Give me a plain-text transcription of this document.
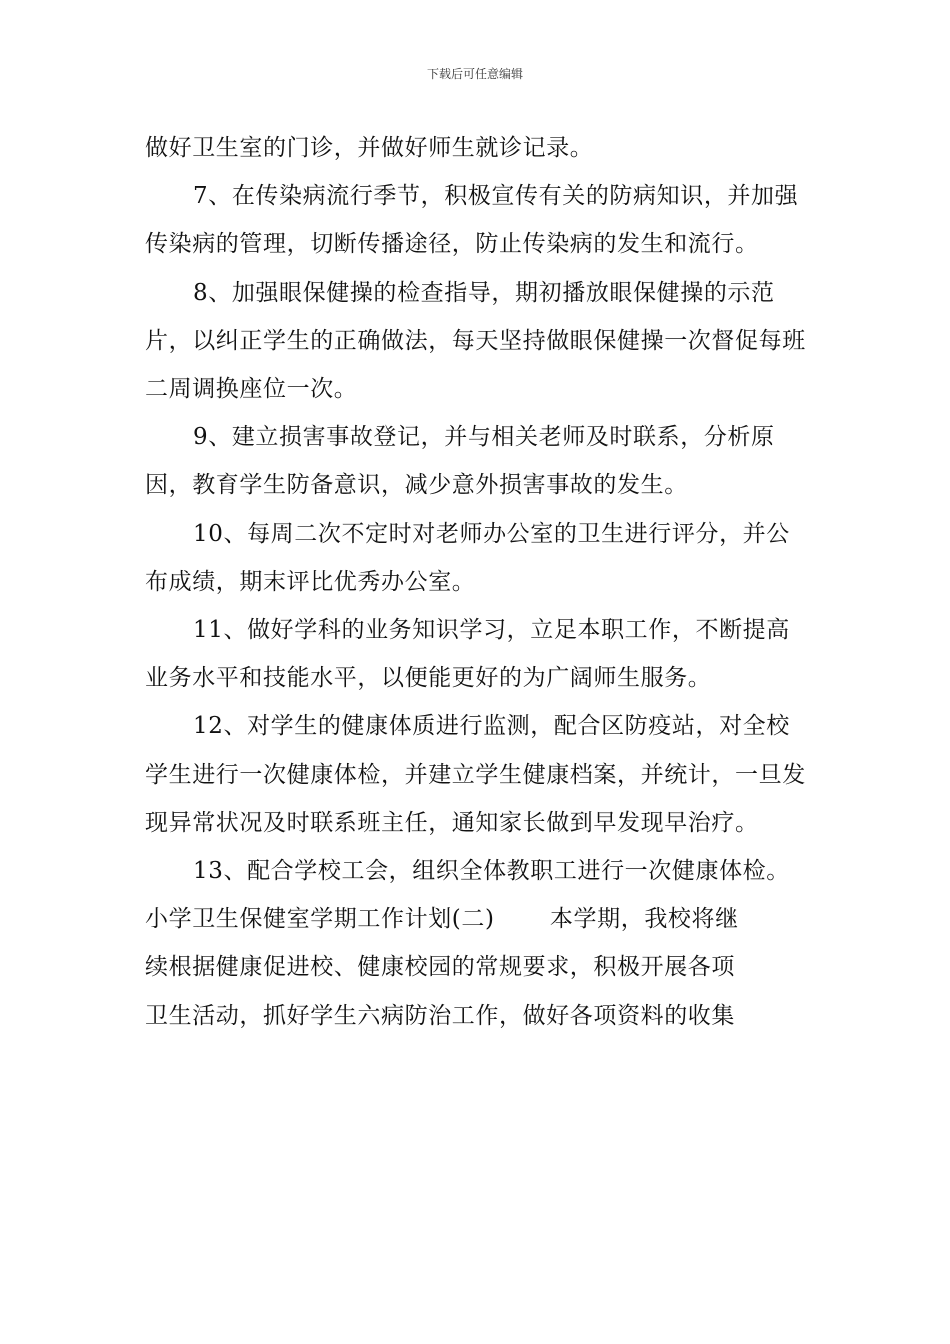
下载后可任意编辑

做好卫生室的门诊，并做好师生就诊记录。

7、在传染病流行季节，积极宣传有关的防病知识，并加强传染病的管理，切断传播途径，防止传染病的发生和流行。

8、加强眼保健操的检查指导，期初播放眼保健操的示范片，以纠正学生的正确做法，每天坚持做眼保健操一次督促每班二周调换座位一次。

9、建立损害事故登记，并与相关老师及时联系，分析原因，教育学生防备意识，减少意外损害事故的发生。

10、每周二次不定时对老师办公室的卫生进行评分，并公布成绩，期末评比优秀办公室。

11、做好学科的业务知识学习，立足本职工作，不断提高业务水平和技能水平，以便能更好的为广阔师生服务。

12、对学生的健康体质进行监测，配合区防疫站，对全校学生进行一次健康体检，并建立学生健康档案，并统计，一旦发现异常状况及时联系班主任，通知家长做到早发现早治疗。

13、配合学校工会，组织全体教职工进行一次健康体检。

小学卫生保健室学期工作计划(二)       本学期，我校将继
续根据健康促进校、健康校园的常规要求，积极开展各项
卫生活动，抓好学生六病防治工作，做好各项资料的收集
